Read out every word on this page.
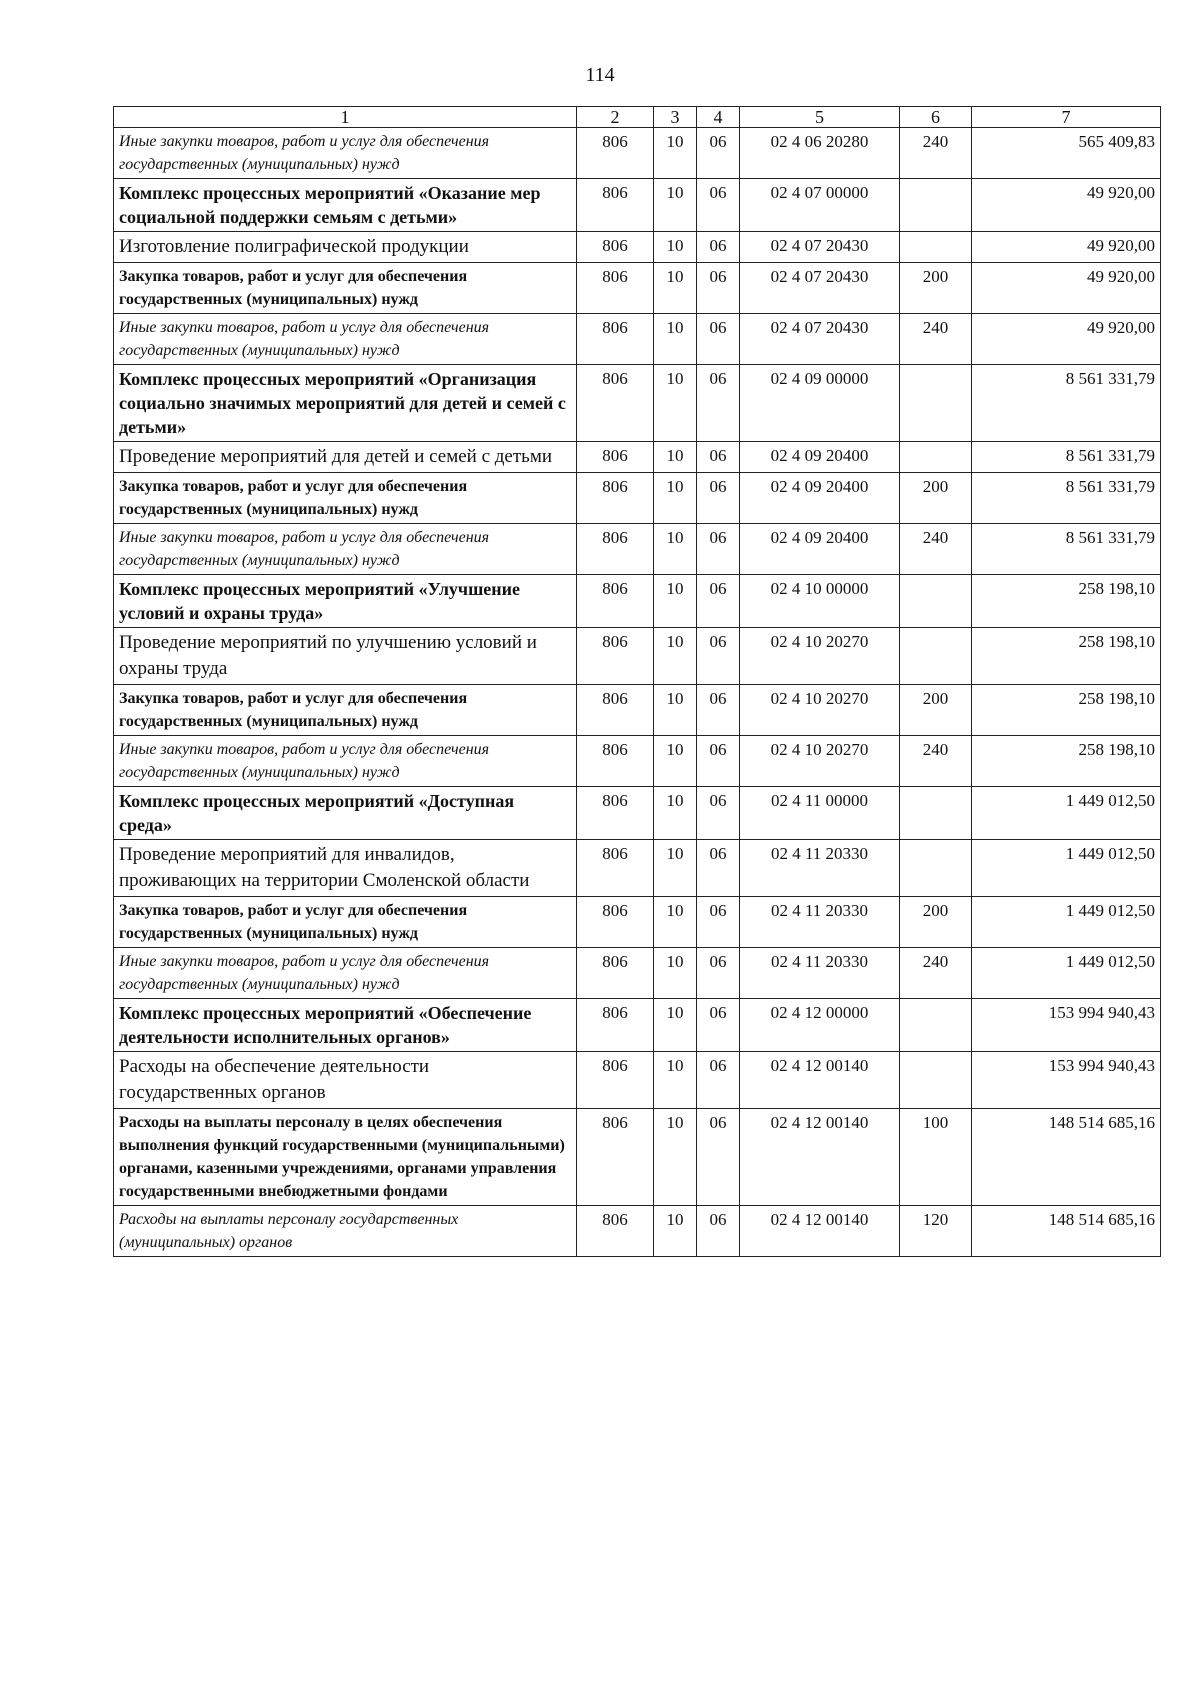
114
1	2	3	4	5	6	7
Иные закупки товаров, работ и услуг для обеспечения государственных (муниципальных) нужд	806	10	06	02 4 06 20280	240	565 409,83
Комплекс процессных мероприятий «Оказание мер социальной поддержки семьям с детьми»	806	10	06	02 4 07 00000		49 920,00
Изготовление полиграфической продукции	806	10	06	02 4 07 20430		49 920,00
Закупка товаров, работ и услуг для обеспечения государственных (муниципальных) нужд	806	10	06	02 4 07 20430	200	49 920,00
Иные закупки товаров, работ и услуг для обеспечения государственных (муниципальных) нужд	806	10	06	02 4 07 20430	240	49 920,00
Комплекс процессных мероприятий «Организация социально значимых мероприятий для детей и семей с детьми»	806	10	06	02 4 09 00000		8 561 331,79
Проведение мероприятий для детей и семей с детьми	806	10	06	02 4 09 20400		8 561 331,79
Закупка товаров, работ и услуг для обеспечения государственных (муниципальных) нужд	806	10	06	02 4 09 20400	200	8 561 331,79
Иные закупки товаров, работ и услуг для обеспечения государственных (муниципальных) нужд	806	10	06	02 4 09 20400	240	8 561 331,79
Комплекс процессных мероприятий «Улучшение условий и охраны труда»	806	10	06	02 4 10 00000		258 198,10
Проведение мероприятий по улучшению условий и охраны труда	806	10	06	02 4 10 20270		258 198,10
Закупка товаров, работ и услуг для обеспечения государственных (муниципальных) нужд	806	10	06	02 4 10 20270	200	258 198,10
Иные закупки товаров, работ и услуг для обеспечения государственных (муниципальных) нужд	806	10	06	02 4 10 20270	240	258 198,10
Комплекс процессных мероприятий «Доступная среда»	806	10	06	02 4 11 00000		1 449 012,50
Проведение мероприятий для инвалидов, проживающих на территории Смоленской области	806	10	06	02 4 11 20330		1 449 012,50
Закупка товаров, работ и услуг для обеспечения государственных (муниципальных) нужд	806	10	06	02 4 11 20330	200	1 449 012,50
Иные закупки товаров, работ и услуг для обеспечения государственных (муниципальных) нужд	806	10	06	02 4 11 20330	240	1 449 012,50
Комплекс процессных мероприятий «Обеспечение деятельности исполнительных органов»	806	10	06	02 4 12 00000		153 994 940,43
Расходы на обеспечение деятельности государственных органов	806	10	06	02 4 12 00140		153 994 940,43
Расходы на выплаты персоналу в целях обеспечения выполнения функций государственными (муниципальными) органами, казенными учреждениями, органами управления государственными внебюджетными фондами	806	10	06	02 4 12 00140	100	148 514 685,16
Расходы на выплаты персоналу государственных (муниципальных) органов	806	10	06	02 4 12 00140	120	148 514 685,16
